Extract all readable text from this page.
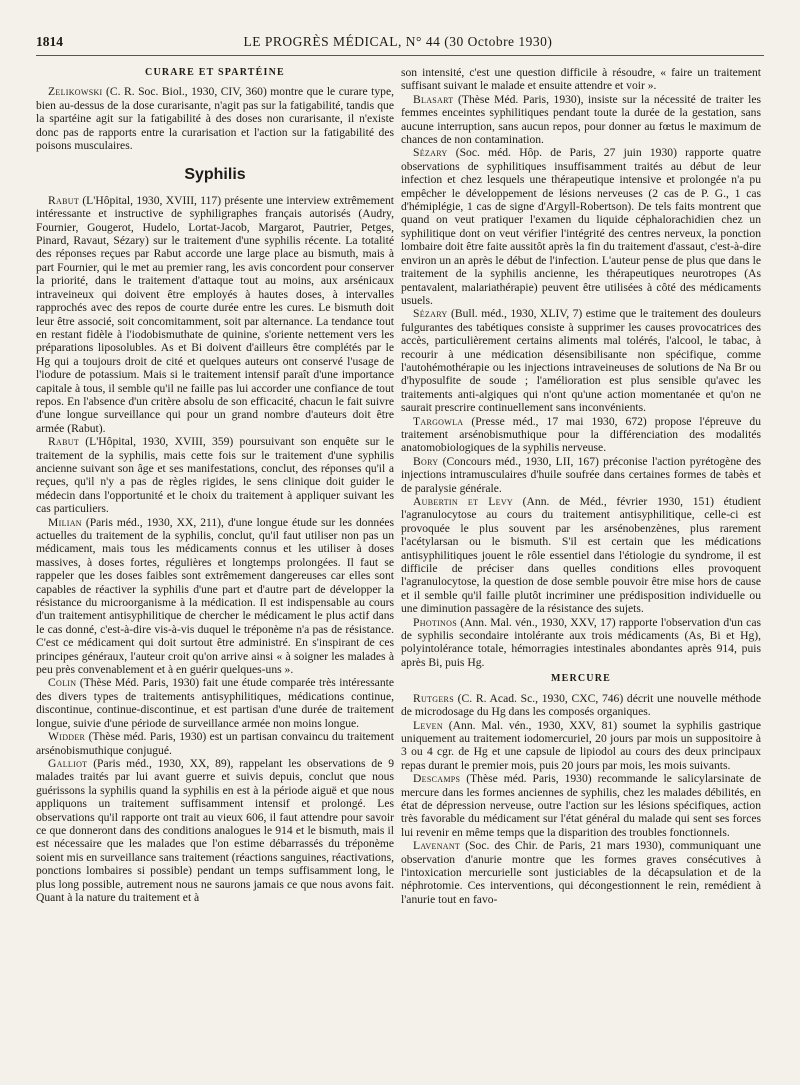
1814	LE PROGRÈS MÉDICAL, N° 44 (30 Octobre 1930)
CURARE ET SPARTÉINE

Zelikowski (C. R. Soc. Biol., 1930, CIV, 360) montre que le curare type, bien au-dessus de la dose curarisante, n'agit pas sur la fatigabilité, tandis que la spartéine agit sur la fatigabilité à des doses non curarisante, il n'existe donc pas de rapports entre la curarisation et l'action sur la fatigabilité des poisons musculaires.

Syphilis

Rabut (L'Hôpital, 1930, XVIII, 117) présente une interview extrêmement intéressante et instructive de syphiligraphes français autorisés (Audry, Fournier, Gougerot, Hudelo, Lortat-Jacob, Margarot, Pautrier, Petges, Pinard, Ravaut, Sézary) sur le traitement d'une syphilis récente. La totalité des réponses reçues par Rabut accorde une large place au bismuth, mais à part Fournier, qui le met au premier rang, les avis concordent pour conserver la priorité, dans le traitement d'attaque tout au moins, aux arsénicaux intraveineux qui doivent être employés à hautes doses, à intervalles rapprochés avec des repos de courte durée entre les cures. Le bismuth doit leur être associé, soit concomitamment, soit par alternance. La tendance tout en restant fidèle à l'iodobismuthate de quinine, s'oriente nettement vers les préparations liposolubles. As et Bi doivent d'ailleurs être complétés par le Hg qui a toujours droit de cité et quelques auteurs ont conservé l'usage de l'iodure de potassium. Mais si le traitement intensif paraît d'une importance capitale à tous, il semble qu'il ne faille pas lui accorder une confiance de tout repos. En l'absence d'un critère absolu de son efficacité, chacun le fait suivre d'une longue surveillance qui pour un grand nombre d'auteurs doit être armée (Rabut).

Rabut (L'Hôpital, 1930, XVIII, 359) poursuivant son enquête sur le traitement de la syphilis, mais cette fois sur le traitement d'une syphilis ancienne suivant son âge et ses manifestations, conclut, des réponses qu'il a reçues, qu'il n'y a pas de règles rigides, le sens clinique doit guider le médecin dans l'opportunité et le choix du traitement à appliquer suivant les cas particuliers.

Milian (Paris méd., 1930, XX, 211), d'une longue étude sur les données actuelles du traitement de la syphilis, conclut, qu'il faut utiliser non pas un médicament, mais tous les médicaments connus et les utiliser à doses massives, à doses fortes, régulières et longtemps prolongées. Il faut se rappeler que les doses faibles sont extrêmement dangereuses car elles sont capables de réactiver la syphilis d'une part et d'autre part de développer la résistance du microorganisme à la médication. Il est indispensable au cours d'un traitement antisyphilitique de chercher le médicament le plus actif dans le cas donné, c'est-à-dire vis-à-vis duquel le tréponème n'a pas de résistance. C'est ce médicament qui doit surtout être administré. En s'inspirant de ces principes généraux, l'auteur croit qu'on arrive ainsi « à soigner les malades à peu près convenablement et à en guérir quelques-uns ».

Colin (Thèse Méd. Paris, 1930) fait une étude comparée très intéressante des divers types de traitements antisyphilitiques, médications continue, discontinue, continue-discontinue, et est partisan d'une durée de traitement longue, suivie d'une période de surveillance armée non moins longue.

Widder (Thèse méd. Paris, 1930) est un partisan convaincu du traitement arsénobismuthique conjugué.

Galliot (Paris méd., 1930, XX, 89), rappelant les observations de 9 malades traités par lui avant guerre et suivis depuis, conclut que nous guérissons la syphilis quand la syphilis en est à la période aiguë et que nous appliquons un traitement suffisamment intensif et prolongé. Les observations qu'il rapporte ont trait au vieux 606, il faut attendre pour savoir ce que donneront dans des conditions analogues le 914 et le bismuth, mais il est nécessaire que les malades que l'on estime débarrassés du tréponème soient mis en surveillance sans traitement (réactions sanguines, réactivations, ponctions lombaires si possible) pendant un temps suffisamment long, le plus long possible, autrement nous ne saurons jamais ce que nous avons fait. Quant à la nature du traitement et à

son intensité, c'est une question difficile à résoudre, « faire un traitement suffisant suivant le malade et ensuite attendre et voir ».

Blasart (Thèse Méd. Paris, 1930), insiste sur la nécessité de traiter les femmes enceintes syphilitiques pendant toute la durée de la gestation, sans aucune interruption, sans aucun repos, pour donner au fœtus le maximum de chances de non contamination.

Sézary (Soc. méd. Hôp. de Paris, 27 juin 1930) rapporte quatre observations de syphilitiques insuffisamment traités au début de leur infection et chez lesquels une thérapeutique intensive et prolongée n'a pu empêcher le développement de lésions nerveuses (2 cas de P. G., 1 cas d'hémiplégie, 1 cas de signe d'Argyll-Robertson). De tels faits montrent que quand on veut pratiquer l'examen du liquide céphalorachidien chez un syphilitique dont on veut vérifier l'intégrité des centres nerveux, la ponction lombaire doit être faite aussitôt après la fin du traitement d'assaut, c'est-à-dire environ un an après le début de l'infection. L'auteur pense de plus que dans le traitement de la syphilis ancienne, les thérapeutiques neurotropes (As pentavalent, malariathérapie) peuvent être utilisées à côté des médicaments usuels.

Sézary (Bull. méd., 1930, XLIV, 7) estime que le traitement des douleurs fulgurantes des tabétiques consiste à supprimer les causes provocatrices des accès, particulièrement certains aliments mal tolérés, l'alcool, le tabac, à recourir à une médication désensibilisante non spécifique, comme l'autohémothérapie ou les injections intraveineuses de solutions de Na Br ou d'hyposulfite de soude ; l'amélioration est plus sensible qu'avec les traitements anti-algiques qui n'ont qu'une action momentanée et qu'on ne saurait prescrire continuellement sans inconvénients.

Targowla (Presse méd., 17 mai 1930, 672) propose l'épreuve du traitement arsénobismuthique pour la différenciation des modalités anatomobiologiques de la syphilis nerveuse.

Bory (Concours méd., 1930, LII, 167) préconise l'action pyrétogène des injections intramusculaires d'huile soufrée dans certaines formes de tabès et de paralysie générale.

Aubertin et Levy (Ann. de Méd., février 1930, 151) étudient l'agranulocytose au cours du traitement antisyphilitique, celle-ci est provoquée le plus souvent par les arsénobenzènes, plus rarement l'acétylarsan ou le bismuth. S'il est certain que les médications antisyphilitiques jouent le rôle essentiel dans l'étiologie du syndrome, il est difficile de préciser dans quelles conditions elles provoquent l'agranulocytose, la question de dose semble pouvoir être mise hors de cause et il semble qu'il faille plutôt incriminer une prédisposition individuelle ou une diminution passagère de la résistance des sujets.

Photinos (Ann. Mal. vén., 1930, XXV, 17) rapporte l'observation d'un cas de syphilis secondaire intolérante aux trois médicaments (As, Bi et Hg), polyintolérance totale, hémorragies intestinales abondantes après 914, puis après Bi, puis Hg.

MERCURE

Rutgers (C. R. Acad. Sc., 1930, CXC, 746) décrit une nouvelle méthode de microdosage du Hg dans les composés organiques.

Leven (Ann. Mal. vén., 1930, XXV, 81) soumet la syphilis gastrique uniquement au traitement iodomercuriel, 20 jours par mois un suppositoire à 3 ou 4 cgr. de Hg et une capsule de lipiodol au cours des deux principaux repas durant le premier mois, puis 20 jours par mois, les mois suivants.

Descamps (Thèse méd. Paris, 1930) recommande le salicylarsinate de mercure dans les formes anciennes de syphilis, chez les malades débilités, en état de dépression nerveuse, outre l'action sur les lésions spécifiques, action très favorable du médicament sur l'état général du malade qui sent ses forces lui revenir en même temps que la disparition des troubles fonctionnels.

Lavenant (Soc. des Chir. de Paris, 21 mars 1930), communiquant une observation d'anurie montre que les formes graves consécutives à l'intoxication mercurielle sont justiciables de la décapsulation et de la néphrotomie. Ces interventions, qui décongestionnent le rein, remédient à l'anurie tout en favo-
